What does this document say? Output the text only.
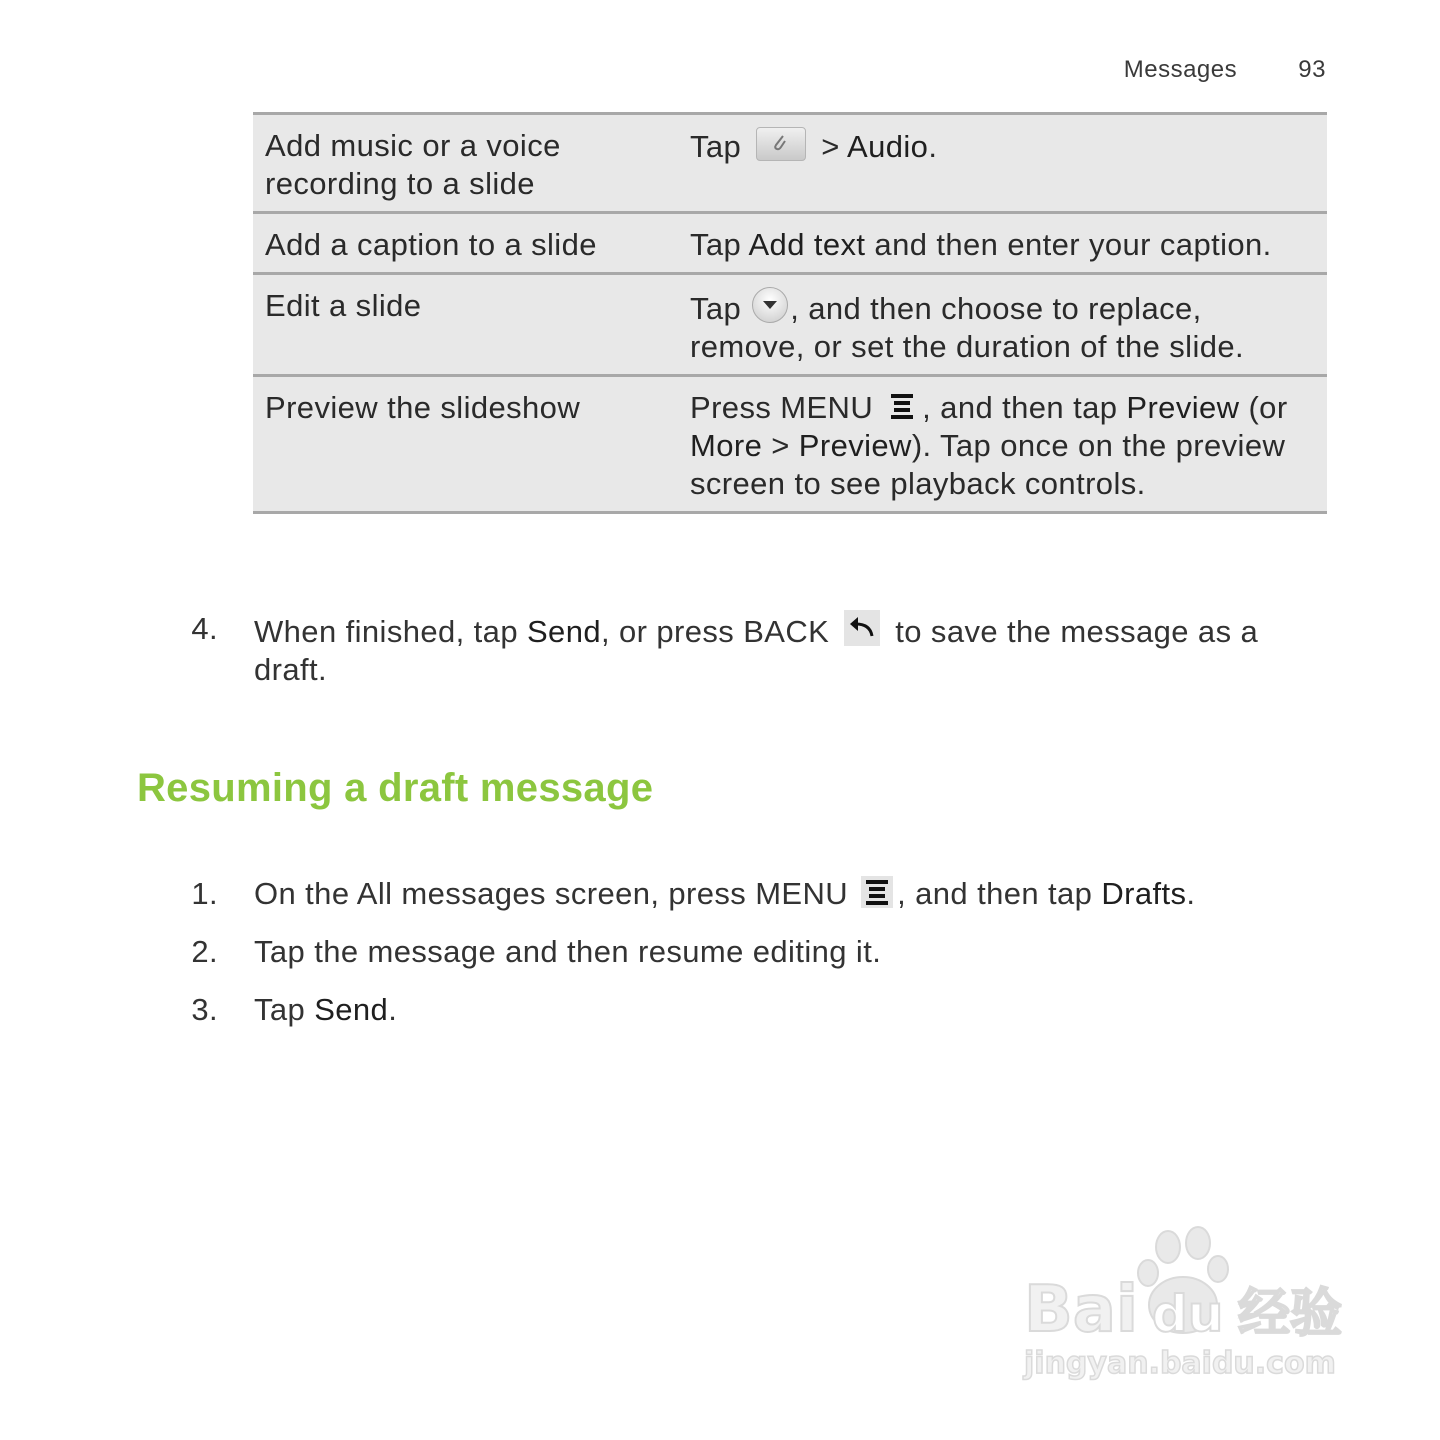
Messages	93
Add music or a voice recording to a slide	Tap > Audio.
Add a caption to a slide	Tap Add text and then enter your caption.
Edit a slide	Tap , and then choose to replace, remove, or set the duration of the slide.
Preview the slideshow	Press MENU , and then tap Preview (or More > Preview). Tap once on the preview screen to see playback controls.
4. When finished, tap Send, or press BACK  to save the message as a draft.
Resuming a draft message
1. On the All messages screen, press MENU , and then tap Drafts.
2. Tap the message and then resume editing it.
3. Tap Send.
Bai du 经验
jingyan.baidu.com
